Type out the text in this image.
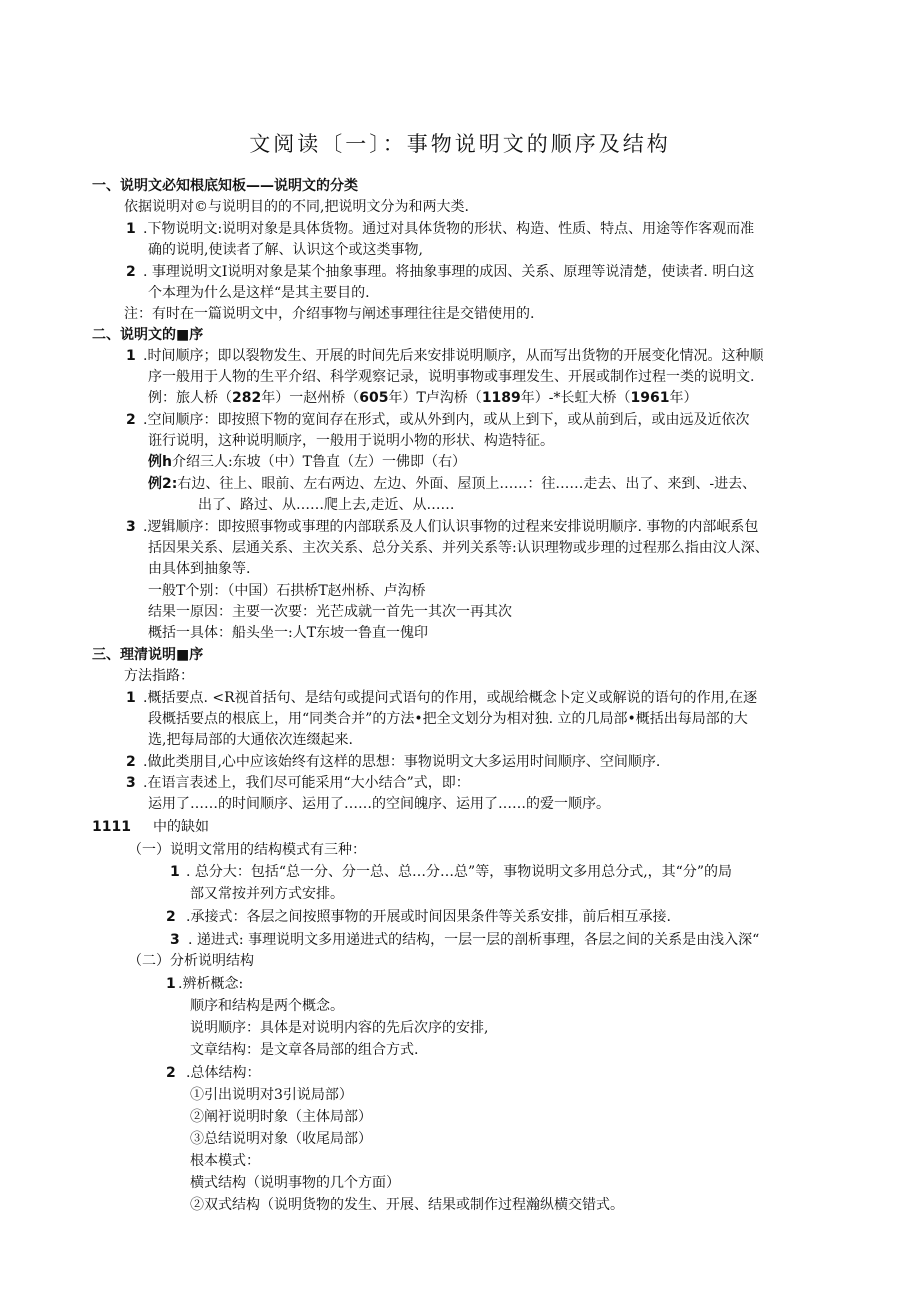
文阅读〔一〕：事物说明文的顺序及结构
一、说明文必知根底知板——说明文的分类
依据说明对©与说明目的的不同,把说明文分为和两大类.
1 .下物说明文:说明对象是具体货物。通过对具体货物的形状、构造、性质、特点、用途等作客观而准
确的说明,使读者了解、认识这个或这类事物,
2 . 事理说明文I说明对象是某个抽象事理。将抽象事理的成因、关系、原理等说清楚，使读者. 明白这
个本理为什么是这样“是其主要目的.
注：有时在一篇说明文中，介绍事物与阐述事理往往是交错使用的.
二、说明文的■序
1 .时间顺序；即以裂物发生、开展的时间先后来安排说明顺序，从而写出货物的开展变化情况。这种顺
序一般用于人物的生平介绍、科学观察记录，说明事物或事理发生、开展或制作过程一类的说明文.
例：旅人桥（282年）一赵州桥（605年）T卢沟桥（1189年）-*长虹大桥（1961年）
2 .空间顺序：即按照下物的宽间存在形式，或从外到内，或从上到下，或从前到后，或由远及近依次
诳行说明，这种说明顺序，一般用于说明小物的形状、构造特征。
例h介绍三人:东坡（中）T鲁直（左）一佛即（右）
例2:右边、往上、眼前、左右两边、左边、外面、屋顶上……：往……走去、出了、来到、-进去、
出了、路过、从……爬上去,走近、从……
3 .逻辑顺序：即按照事物或事理的内部联系及人们认识事物的过程来安排说明顺序. 事物的内部岷系包
括因果关系、层通关系、主次关系、总分关系、并列关系等:认识理物或步理的过程那么指由汶人深、
由具体到抽象等.
一般T个别：（中国）石拱桥T赵州桥、卢沟桥
结果一原因：主要一次要：光芒成就一首先一其次一再其次
概括一具体：船头坐一:人T东坡一鲁直一傀印
三、理清说明■序
方法指路：
1 .概括要点. <R视首括句、是结句或提问式语句的作用，或觇给概念卜定义或解说的语句的作用,在逐
段概括要点的根底上，用“同类合并”的方法•把全文划分为相对独. 立的几局部•概括出每局部的大
选,把每局部的大通依次连缀起来.
2 .做此类朋目,心中应该始终有这样的思想：事物说明文大多运用时间顺序、空间顺序.
3 .在语言表述上，我们尽可能采用“大小结合”式，即：
运用了……的时间顺序、运用了……的空间魄序、运用了……的爱一顺序。
1111 中的缺如
（一）说明文常用的结构模式有三种：
1 . 总分大：包括“总一分、分一总、总…分…总”等，事物说明文多用总分式,，其“分”的局
部又常按并列方式安排。
2 .承接式：各层之间按照事物的开展或时间因果条件等关系安排，前后相互承接.
3 . 递进式: 事理说明文多用递进式的结构，一层一层的剖析事理，各层之间的关系是由浅入深“
（二）分析说明结构
1 .辨析概念:
顺序和结构是两个概念。
说明顺序：具体是对说明内容的先后次序的安排,
文章结构：是文章各局部的组合方式.
2 .总体结构：
①引出说明对3引说局部）
②阐衧说明时象（主体局部）
③总结说明对象（收尾局部）
根本模式：
横式结构（说明事物的几个方面）
②双式结构（说明货物的发生、开展、结果或制作过程瀚纵横交错式。
